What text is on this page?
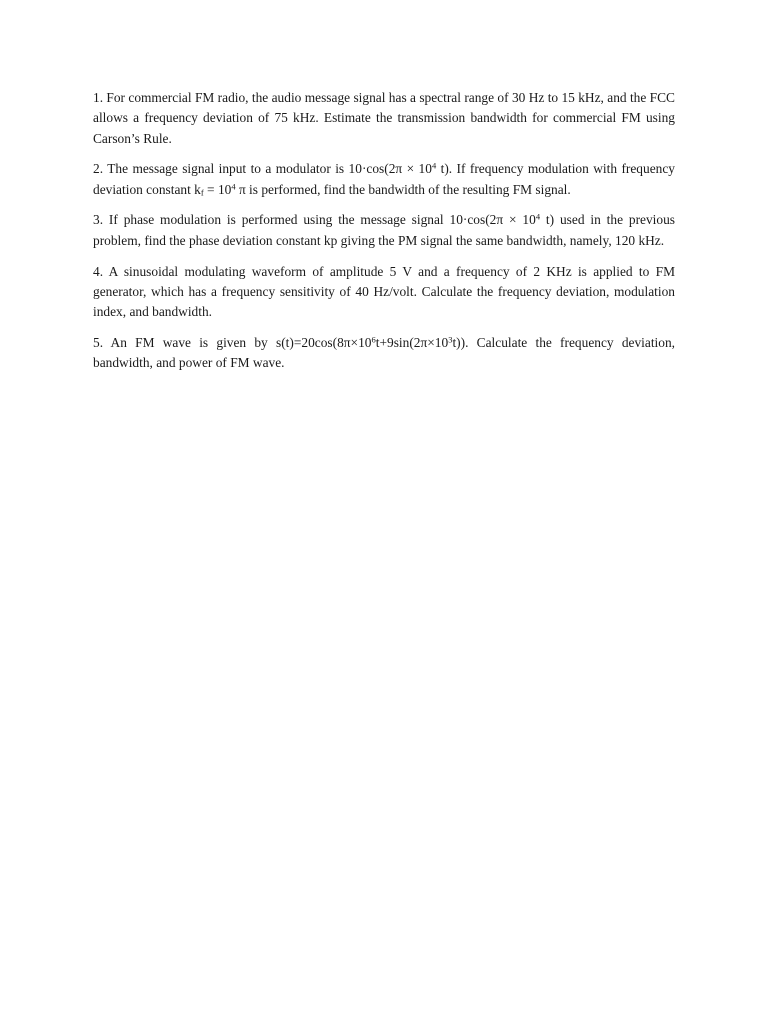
1. For commercial FM radio, the audio message signal has a spectral range of 30 Hz to 15 kHz, and the FCC allows a frequency deviation of 75 kHz. Estimate the transmission bandwidth for commercial FM using Carson’s Rule.

2. The message signal input to a modulator is $10\cdot\cos(2\pi \times 10^4$ t). If frequency modulation with frequency deviation constant $k_f = 10^4$ π is performed, find the bandwidth of the resulting FM signal.

3. If phase modulation is performed using the message signal $10\cdot\cos(2\pi \times 10^4$ t) used in the previous problem, find the phase deviation constant kp giving the PM signal the same bandwidth, namely, 120 kHz.

4. A sinusoidal modulating waveform of amplitude 5 V and a frequency of 2 KHz is applied to FM generator, which has a frequency sensitivity of 40 Hz/volt. Calculate the frequency deviation, modulation index, and bandwidth.

5. An FM wave is given by $s(t)=20\cos(8\pi\times 10^6t+9\sin(2\pi\times 10^3t))$. Calculate the frequency deviation, bandwidth, and power of FM wave.
